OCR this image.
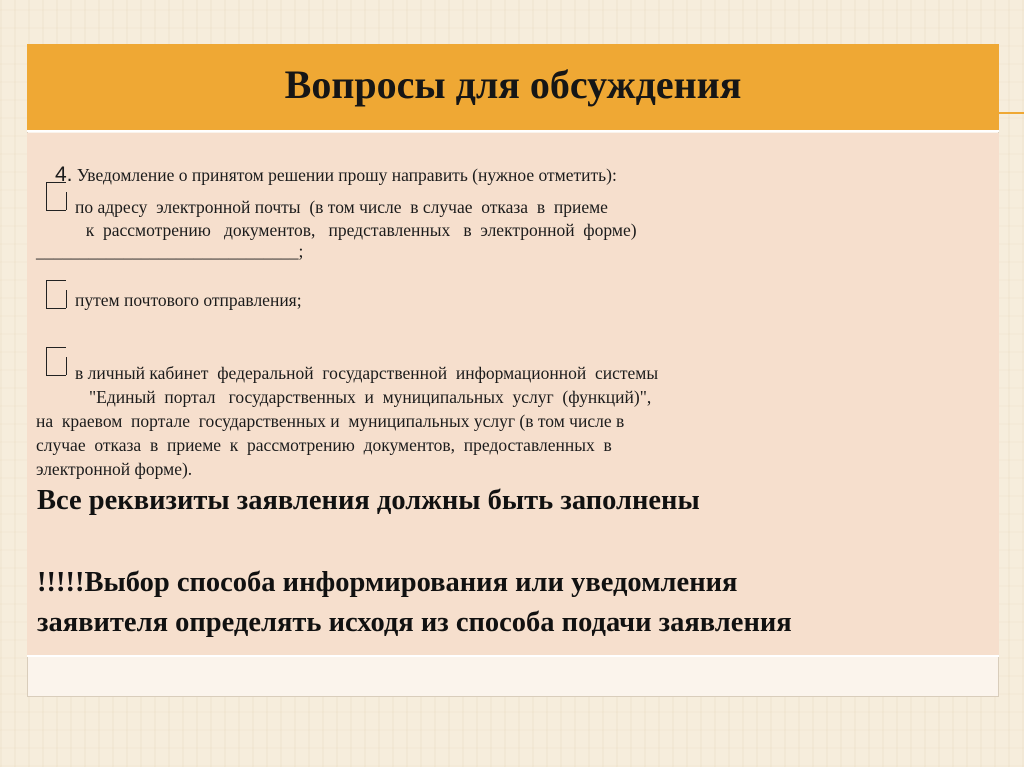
Вопросы для обсуждения

4. Уведомление о принятом решении прошу направить (нужное отметить):

по адресу  электронной почты  (в том числе  в случае  отказа  в  приеме
к  рассмотрению   документов,   представленных   в  электронной  форме)
______________________________;
путем почтового отправления;
в личный кабинет  федеральной  государственной  информационной  системы
"Единый  портал   государственных  и  муниципальных  услуг  (функций)",
на  краевом  портале  государственных и  муниципальных услуг (в том числе в
случае  отказа  в  приеме  к  рассмотрению  документов,  предоставленных  в
электронной форме).
Все реквизиты заявления должны быть заполнены
!!!!!Выбор способа информирования или уведомления
заявителя определять исходя из способа подачи заявления
